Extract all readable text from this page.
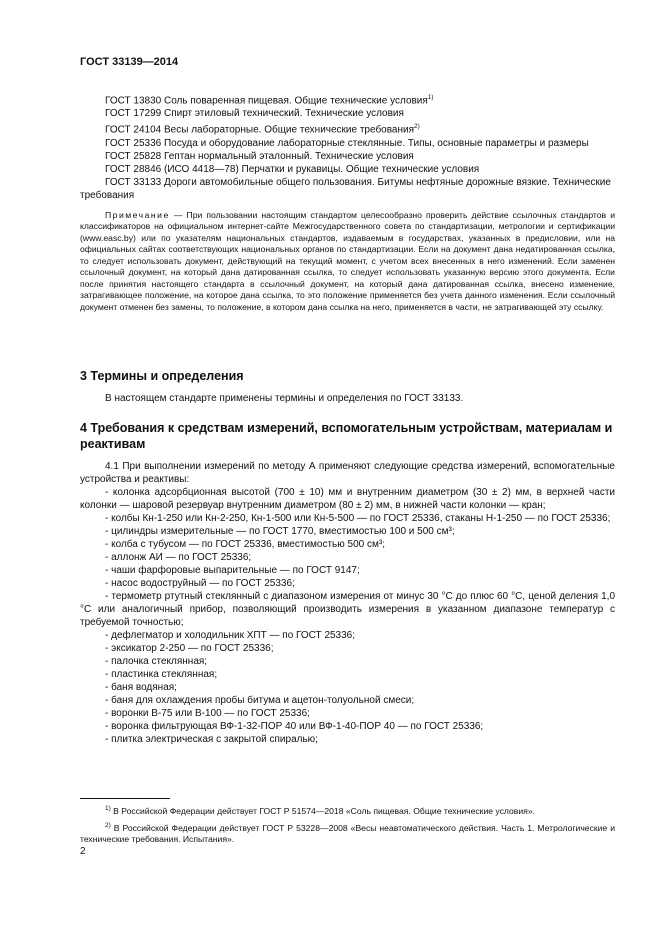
ГОСТ 33139—2014

ГОСТ 13830 Соль поваренная пищевая. Общие технические условия$^{1)}$

ГОСТ 17299 Спирт этиловый технический. Технические условия

ГОСТ 24104 Весы лабораторные. Общие технические требования$^{2)}$

ГОСТ 25336 Посуда и оборудование лабораторные стеклянные. Типы, основные параметры и размеры

ГОСТ 25828 Гептан нормальный эталонный. Технические условия

ГОСТ 28846 (ИСО 4418—78) Перчатки и рукавицы. Общие технические условия

ГОСТ 33133 Дороги автомобильные общего пользования. Битумы нефтяные дорожные вязкие. Технические требования

Примечание — При пользовании настоящим стандартом целесообразно проверить действие ссылочных стандартов и классификаторов на официальном интернет-сайте Межгосударственного совета по стандартизации, метрологии и сертификации (www.easc.by) или по указателям национальных стандартов, издаваемым в государствах, указанных в предисловии, или на официальных сайтах соответствующих национальных органов по стандартизации. Если на документ дана недатированная ссылка, то следует использовать документ, действующий на текущий момент, с учетом всех внесенных в него изменений. Если заменен ссылочный документ, на который дана датированная ссылка, то следует использовать указанную версию этого документа. Если после принятия настоящего стандарта в ссылочный документ, на который дана датированная ссылка, внесено изменение, затрагивающее положение, на которое дана ссылка, то это положение применяется без учета данного изменения. Если ссылочный документ отменен без замены, то положение, в котором дана ссылка на него, применяется в части, не затрагивающей эту ссылку.

3 Термины и определения

В настоящем стандарте применены термины и определения по ГОСТ 33133.

4 Требования к средствам измерений, вспомогательным устройствам, материалам и реактивам

4.1 При выполнении измерений по методу А применяют следующие средства измерений, вспомогательные устройства и реактивы:

- колонка адсорбционная высотой (700 ± 10) мм и внутренним диаметром (30 ± 2) мм, в верхней части колонки — шаровой резервуар внутренним диаметром (80 ± 2) мм, в нижней части колонки — кран;

- колбы Кн-1-250 или Кн-2-250, Кн-1-500 или Кн-5-500 — по ГОСТ 25336, стаканы Н-1-250 — по ГОСТ 25336;

- цилиндры измерительные — по ГОСТ 1770, вместимостью 100 и 500 см³;

- колба с тубусом — по ГОСТ 25336, вместимостью 500 см³;

- аллонж АИ — по ГОСТ 25336;

- чаши фарфоровые выпарительные — по ГОСТ 9147;

- насос водоструйный — по ГОСТ 25336;

- термометр ртутный стеклянный с диапазоном измерения от минус 30 °С до плюс 60 °С, ценой деления 1,0 °С или аналогичный прибор, позволяющий производить измерения в указанном диапазоне температур с требуемой точностью;

- дефлегматор и холодильник ХПТ — по ГОСТ 25336;

- эксикатор 2-250 — по ГОСТ 25336;

- палочка стеклянная;

- пластинка стеклянная;

- баня водяная;

- баня для охлаждения пробы битума и ацетон-толуольной смеси;

- воронки В-75 или В-100 — по ГОСТ 25336;

- воронка фильтрующая ВФ-1-32-ПОР 40 или ВФ-1-40-ПОР 40 — по ГОСТ 25336;

- плитка электрическая с закрытой спиралью;

$^{1)}$ В Российской Федерации действует ГОСТ Р 51574—2018 «Соль пищевая. Общие технические условия».

$^{2)}$ В Российской Федерации действует ГОСТ Р 53228—2008 «Весы неавтоматического действия. Часть 1. Метрологические и технические требования. Испытания».

2
